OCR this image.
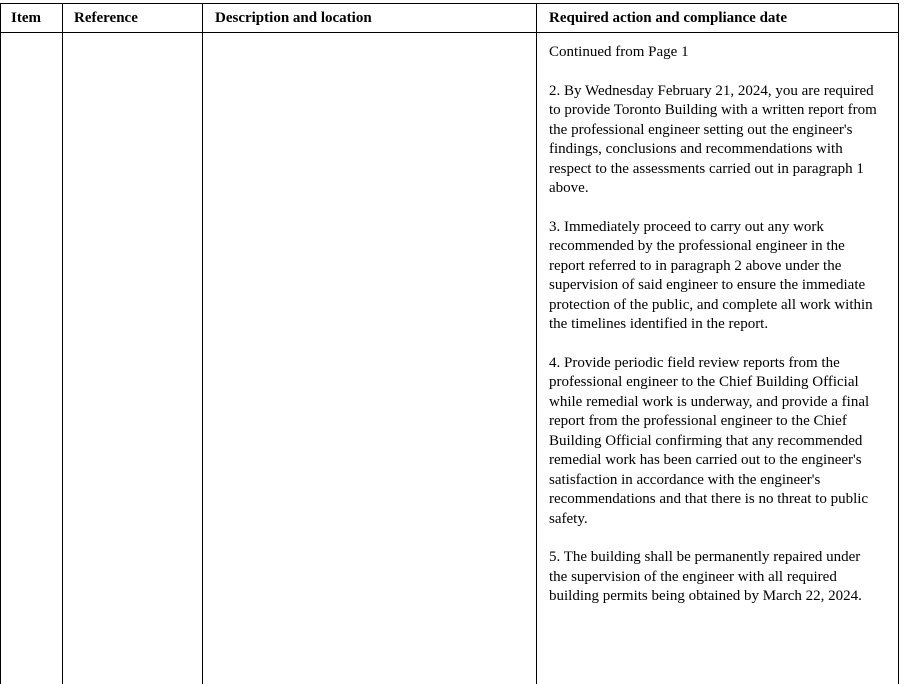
Item Reference	Description and location	Required action and compliance date

Continued from Page 1

2. By Wednesday February 21, 2024, you are required to provide Toronto Building with a written report from the professional engineer setting out the engineer's findings, conclusions and recommendations with respect to the assessments carried out in paragraph 1 above.

3. Immediately proceed to carry out any work recommended by the professional engineer in the report referred to in paragraph 2 above under the supervision of said engineer to ensure the immediate protection of the public, and complete all work within the timelines identified in the report.

4. Provide periodic field review reports from the professional engineer to the Chief Building Official while remedial work is underway, and provide a final report from the professional engineer to the Chief Building Official confirming that any recommended remedial work has been carried out to the engineer's satisfaction in accordance with the engineer's recommendations and that there is no threat to public safety.

5. The building shall be permanently repaired under the supervision of the engineer with all required building permits being obtained by March 22, 2024.
